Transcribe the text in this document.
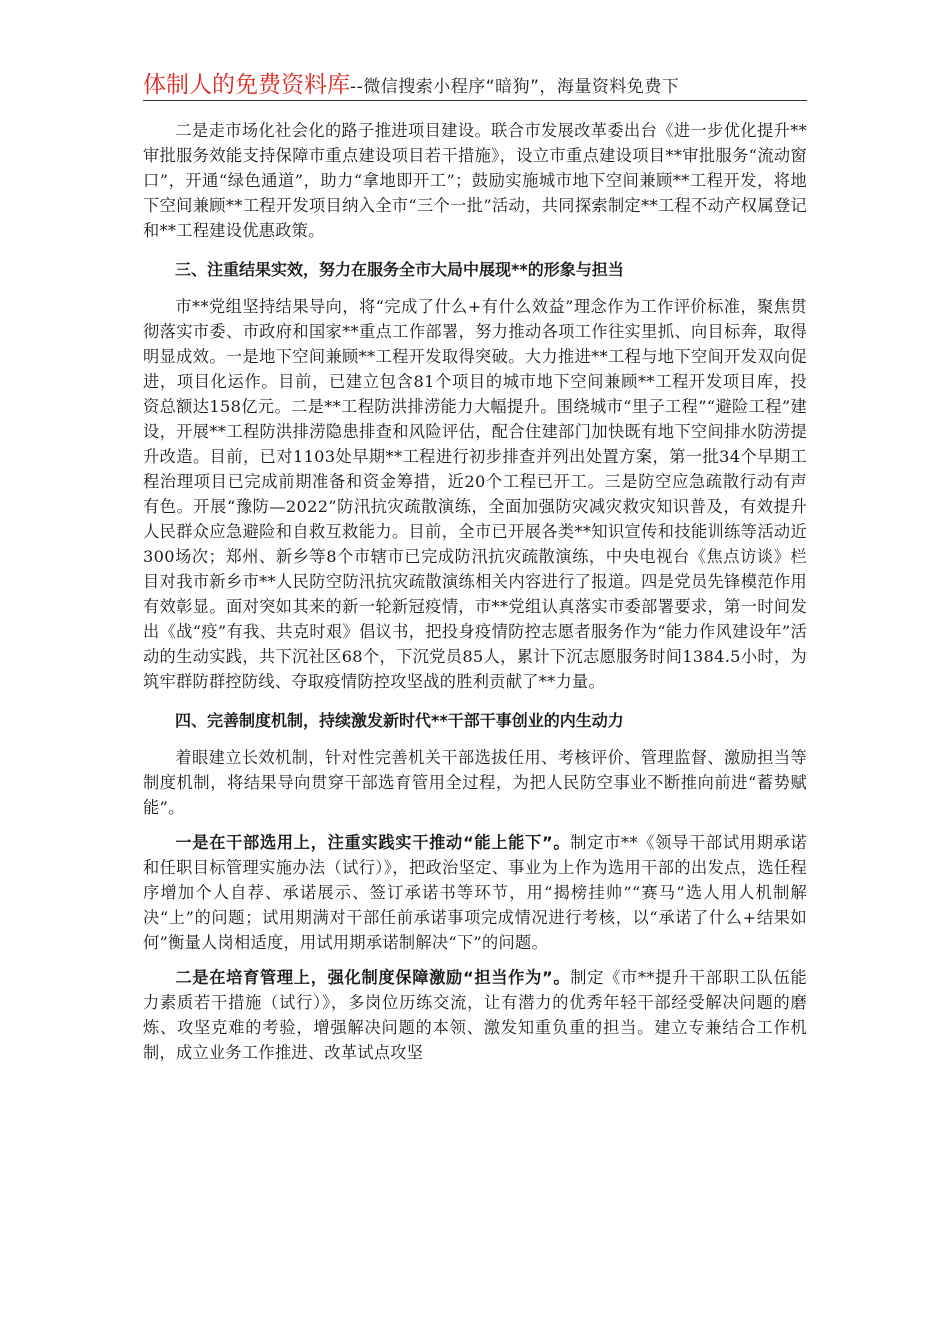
体制人的免费资料库--微信搜索小程序“暗狗”，海量资料免费下

二是走市场化社会化的路子推进项目建设。联合市发展改革委出台《进一步优化提升**审批服务效能支持保障市重点建设项目若干措施》，设立市重点建设项目**审批服务“流动窗口”，开通“绿色通道”，助力“拿地即开工”；鼓励实施城市地下空间兼顾**工程开发，将地下空间兼顾**工程开发项目纳入全市“三个一批”活动，共同探索制定**工程不动产权属登记和**工程建设优惠政策。

三、注重结果实效，努力在服务全市大局中展现**的形象与担当

市**党组坚持结果导向，将“完成了什么+有什么效益”理念作为工作评价标准，聚焦贯彻落实市委、市政府和国家**重点工作部署，努力推动各项工作往实里抓、向目标奔，取得明显成效。一是地下空间兼顾**工程开发取得突破。大力推进**工程与地下空间开发双向促进，项目化运作。目前，已建立包含81个项目的城市地下空间兼顾**工程开发项目库，投资总额达158亿元。二是**工程防洪排涝能力大幅提升。围绕城市“里子工程”“避险工程”建设，开展**工程防洪排涝隐患排查和风险评估，配合住建部门加快既有地下空间排水防涝提升改造。目前，已对1103处早期**工程进行初步排查并列出处置方案，第一批34个早期工程治理项目已完成前期准备和资金筹措，近20个工程已开工。三是防空应急疏散行动有声有色。开展“豫防—2022”防汛抗灾疏散演练，全面加强防灾减灾救灾知识普及，有效提升人民群众应急避险和自救互救能力。目前，全市已开展各类**知识宣传和技能训练等活动近300场次；郑州、新乡等8个市辖市已完成防汛抗灾疏散演练，中央电视台《焦点访谈》栏目对我市新乡市**人民防空防汛抗灾疏散演练相关内容进行了报道。四是党员先锋模范作用有效彰显。面对突如其来的新一轮新冠疫情，市**党组认真落实市委部署要求，第一时间发出《战“疫”有我、共克时艰》倡议书，把投身疫情防控志愿者服务作为“能力作风建设年”活动的生动实践，共下沉社区68个，下沉党员85人，累计下沉志愿服务时间1384.5小时，为筑牢群防群控防线、夺取疫情防控攻坚战的胜利贡献了**力量。

四、完善制度机制，持续激发新时代**干部干事创业的内生动力

着眼建立长效机制，针对性完善机关干部选拔任用、考核评价、管理监督、激励担当等制度机制，将结果导向贯穿干部选育管用全过程，为把人民防空事业不断推向前进“蓄势赋能”。

一是在干部选用上，注重实践实干推动“能上能下”。制定市**《领导干部试用期承诺和任职目标管理实施办法（试行）》，把政治坚定、事业为上作为选用干部的出发点，选任程序增加个人自荐、承诺展示、签订承诺书等环节，用“揭榜挂帅”“赛马”选人用人机制解决“上”的问题；试用期满对干部任前承诺事项完成情况进行考核，以“承诺了什么+结果如何”衡量人岗相适度，用试用期承诺制解决“下”的问题。

二是在培育管理上，强化制度保障激励“担当作为”。制定《市**提升干部职工队伍能力素质若干措施（试行）》，多岗位历练交流，让有潜力的优秀年轻干部经受解决问题的磨炼、攻坚克难的考验，增强解决问题的本领、激发知重负重的担当。建立专兼结合工作机制，成立业务工作推进、改革试点攻坚
